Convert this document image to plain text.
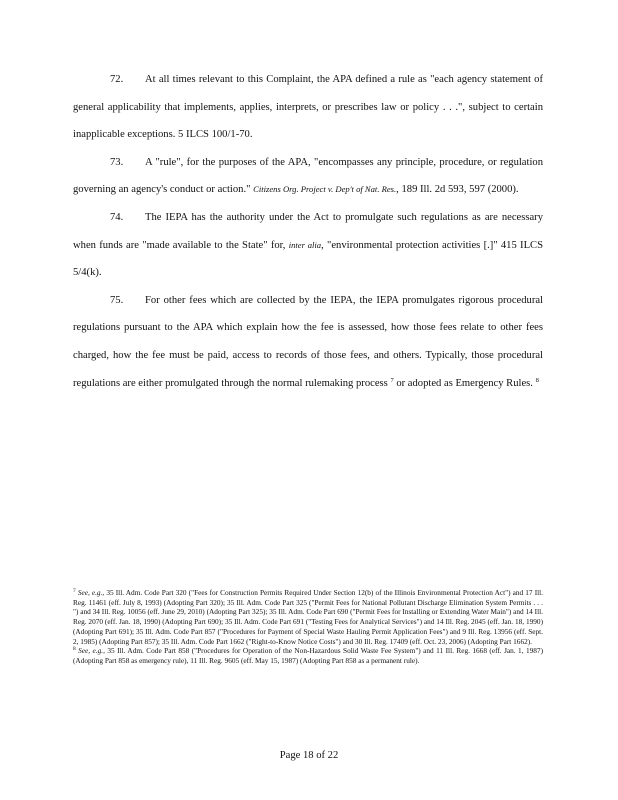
72. At all times relevant to this Complaint, the APA defined a rule as "each agency statement of general applicability that implements, applies, interprets, or prescribes law or policy . . .", subject to certain inapplicable exceptions. 5 ILCS 100/1-70.

73. A "rule", for the purposes of the APA, "encompasses any principle, procedure, or regulation governing an agency's conduct or action." Citizens Org. Project v. Dep't of Nat. Res., 189 Ill. 2d 593, 597 (2000).

74. The IEPA has the authority under the Act to promulgate such regulations as are necessary when funds are "made available to the State" for, inter alia, "environmental protection activities [.]" 415 ILCS 5/4(k).

75. For other fees which are collected by the IEPA, the IEPA promulgates rigorous procedural regulations pursuant to the APA which explain how the fee is assessed, how those fees relate to other fees charged, how the fee must be paid, access to records of those fees, and others. Typically, those procedural regulations are either promulgated through the normal rulemaking process $^7$ or adopted as Emergency Rules. $^8$

$^7$ See, e.g., 35 Ill. Adm. Code Part 320 ("Fees for Construction Permits Required Under Section 12(b) of the Illinois Environmental Protection Act") and 17 Ill. Reg. 11461 (eff. July 8, 1993) (Adopting Part 320); 35 Ill. Adm. Code Part 325 ("Permit Fees for National Pollutant Discharge Elimination System Permits . . . ") and 34 Ill. Reg. 10056 (eff. June 29, 2010) (Adopting Part 325); 35 Ill. Adm. Code Part 690 ("Permit Fees for Installing or Extending Water Main") and 14 Ill. Reg. 2070 (eff. Jan. 18, 1990) (Adopting Part 690); 35 Ill. Adm. Code Part 691 ("Testing Fees for Analytical Services") and 14 Ill. Reg. 2045 (eff. Jan. 18, 1990) (Adopting Part 691); 35 Ill. Adm. Code Part 857 ("Procedures for Payment of Special Waste Hauling Permit Application Fees") and 9 Ill. Reg. 13956 (eff. Sept. 2, 1985) (Adopting Part 857); 35 Ill. Adm. Code Part 1662 ("Right-to-Know Notice Costs") and 30 Ill. Reg. 17409 (eff. Oct. 23, 2006) (Adopting Part 1662).

$^8$ See, e.g., 35 Ill. Adm. Code Part 858 ("Procedures for Operation of the Non-Hazardous Solid Waste Fee System") and 11 Ill. Reg. 1668 (eff. Jan. 1, 1987) (Adopting Part 858 as emergency rule), 11 Ill. Reg. 9605 (eff. May 15, 1987) (Adopting Part 858 as a permanent rule).

Page 18 of 22
